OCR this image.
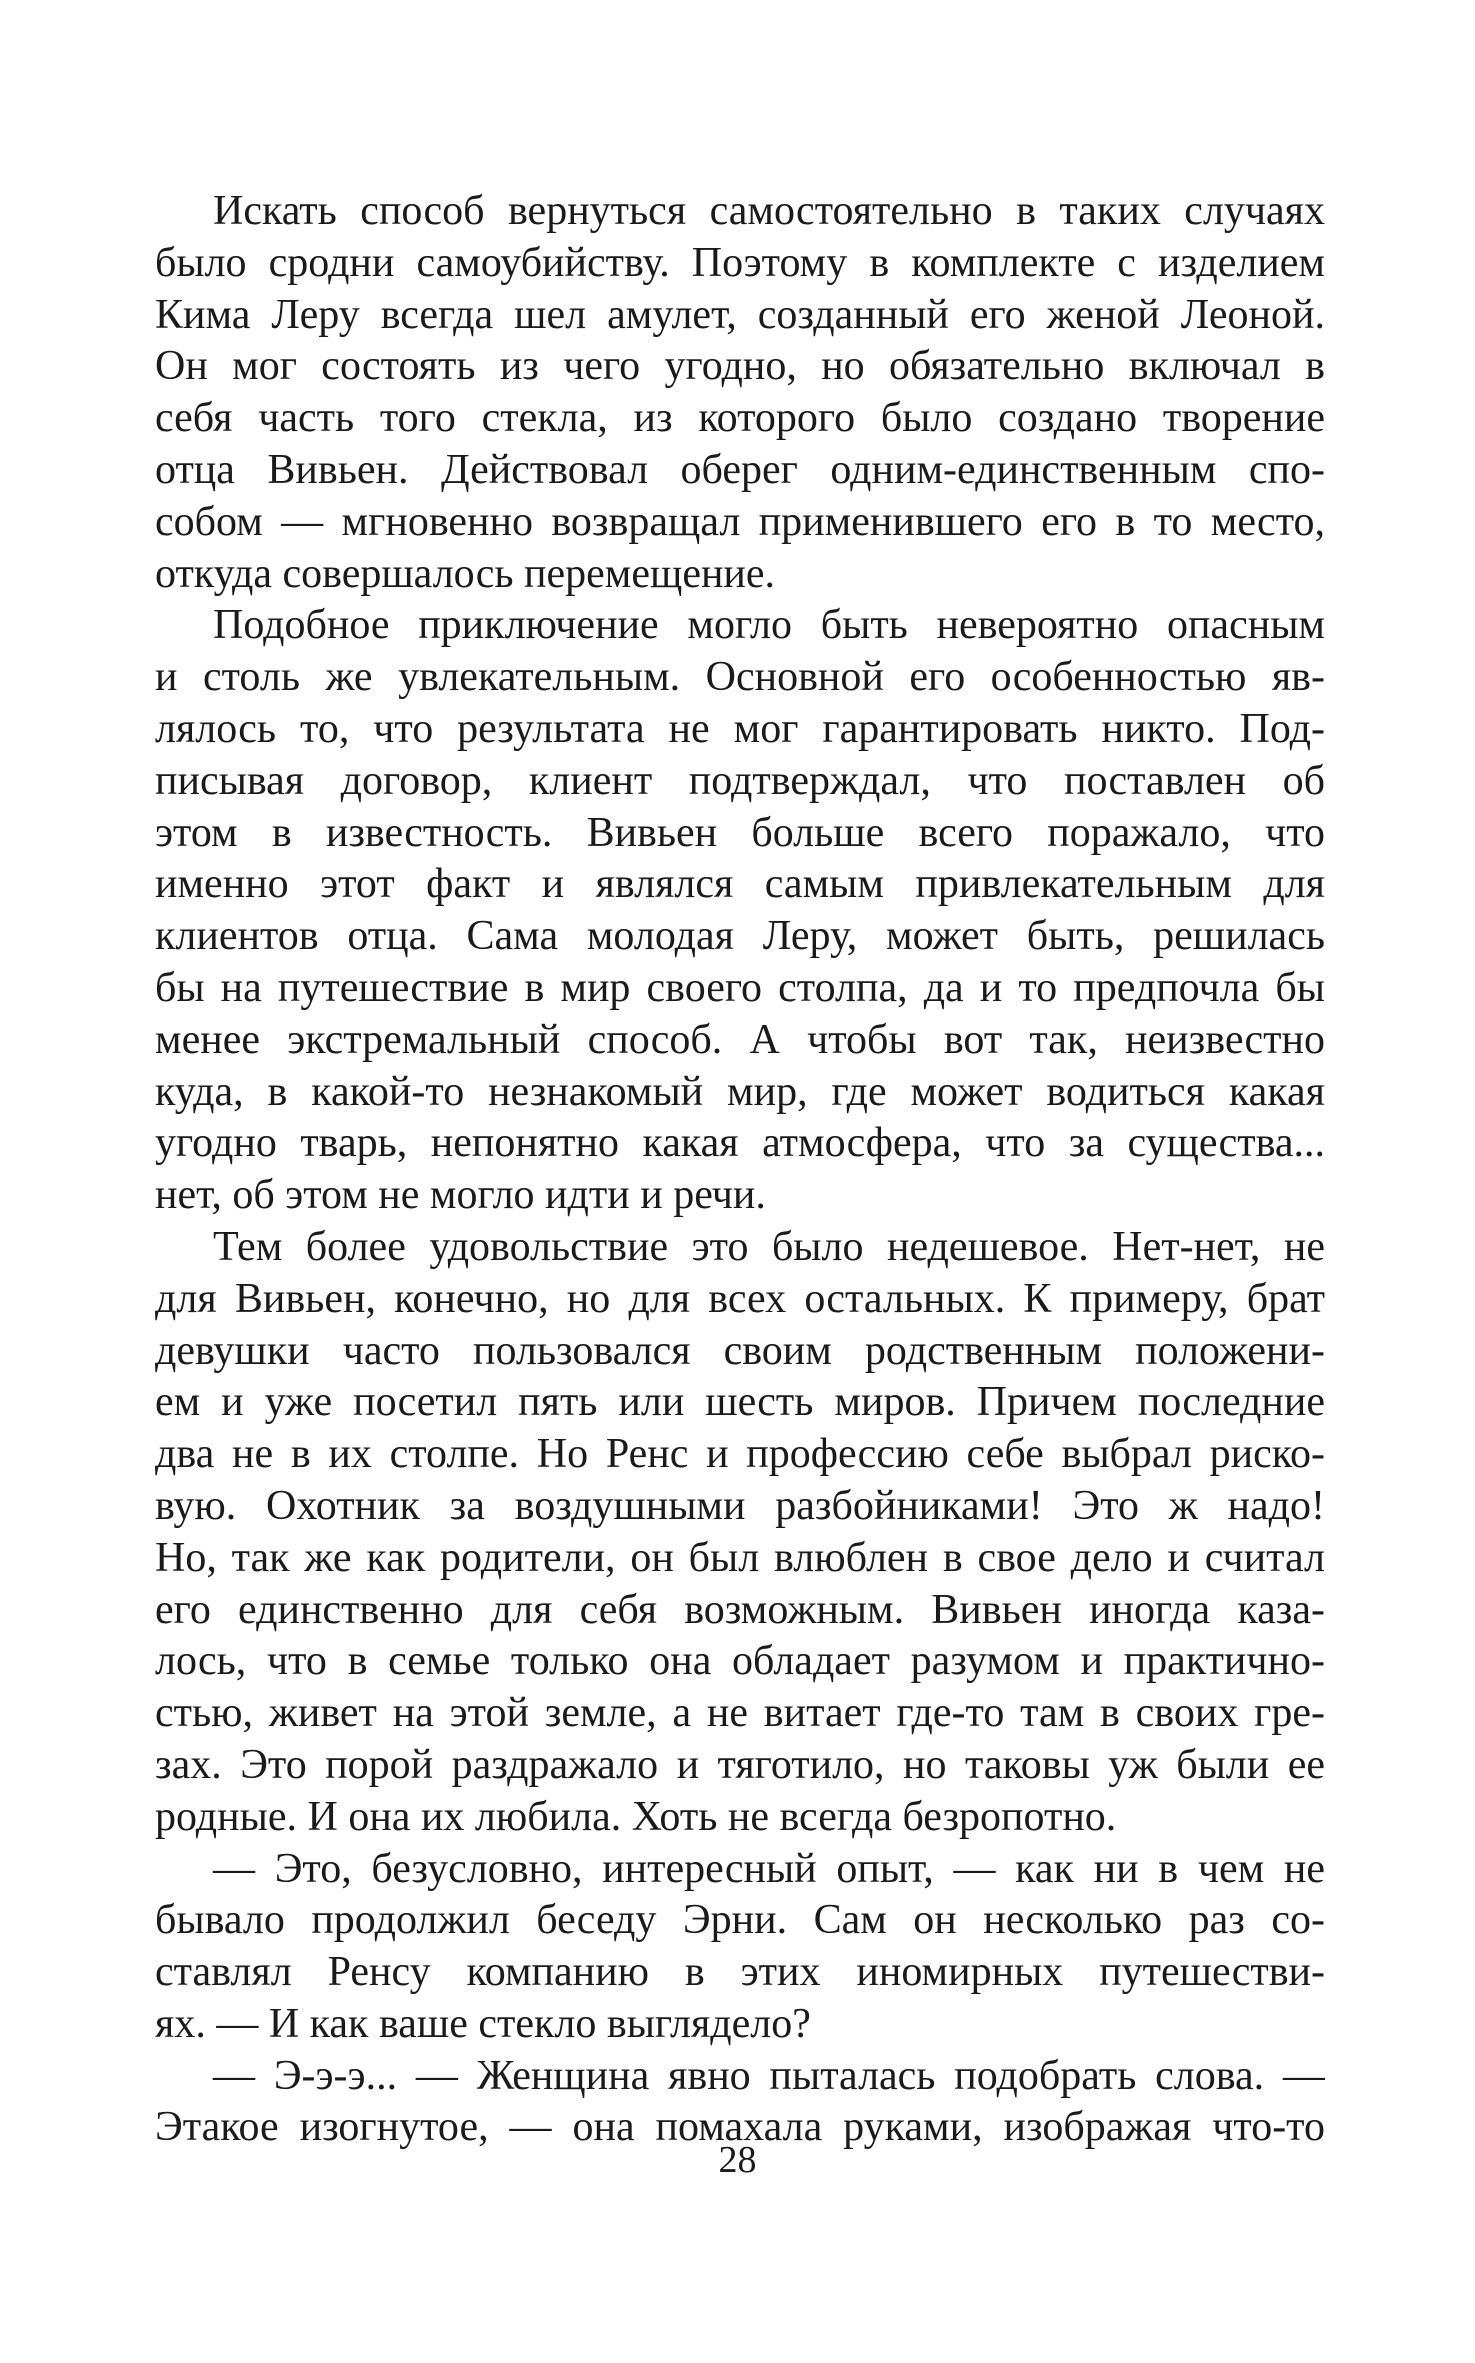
Искать способ вернуться самостоятельно в таких случаях
было сродни самоубийству. Поэтому в комплекте с изделием
Кима Леру всегда шел амулет, созданный его женой Леоной.
Он мог состоять из чего угодно, но обязательно включал в
себя часть того стекла, из которого было создано творение
отца Вивьен. Действовал оберег одним-единственным спо-
собом — мгновенно возвращал применившего его в то место,
откуда совершалось перемещение.
Подобное приключение могло быть невероятно опасным
и столь же увлекательным. Основной его особенностью яв-
лялось то, что результата не мог гарантировать никто. Под-
писывая договор, клиент подтверждал, что поставлен об
этом в известность. Вивьен больше всего поражало, что
именно этот факт и являлся самым привлекательным для
клиентов отца. Сама молодая Леру, может быть, решилась
бы на путешествие в мир своего столпа, да и то предпочла бы
менее экстремальный способ. А чтобы вот так, неизвестно
куда, в какой-то незнакомый мир, где может водиться какая
угодно тварь, непонятно какая атмосфера, что за существа...
нет, об этом не могло идти и речи.
Тем более удовольствие это было недешевое. Нет-нет, не
для Вивьен, конечно, но для всех остальных. К примеру, брат
девушки часто пользовался своим родственным положени-
ем и уже посетил пять или шесть миров. Причем последние
два не в их столпе. Но Ренс и профессию себе выбрал риско-
вую. Охотник за воздушными разбойниками! Это ж надо!
Но, так же как родители, он был влюблен в свое дело и считал
его единственно для себя возможным. Вивьен иногда каза-
лось, что в семье только она обладает разумом и практично-
стью, живет на этой земле, а не витает где-то там в своих гре-
зах. Это порой раздражало и тяготило, но таковы уж были ее
родные. И она их любила. Хоть не всегда безропотно.
— Это, безусловно, интересный опыт, — как ни в чем не
бывало продолжил беседу Эрни. Сам он несколько раз со-
ставлял Ренсу компанию в этих иномирных путешестви-
ях. — И как ваше стекло выглядело?
— Э-э-э... — Женщина явно пыталась подобрать слова. —
Этакое изогнутое, — она помахала руками, изображая что-то
28
